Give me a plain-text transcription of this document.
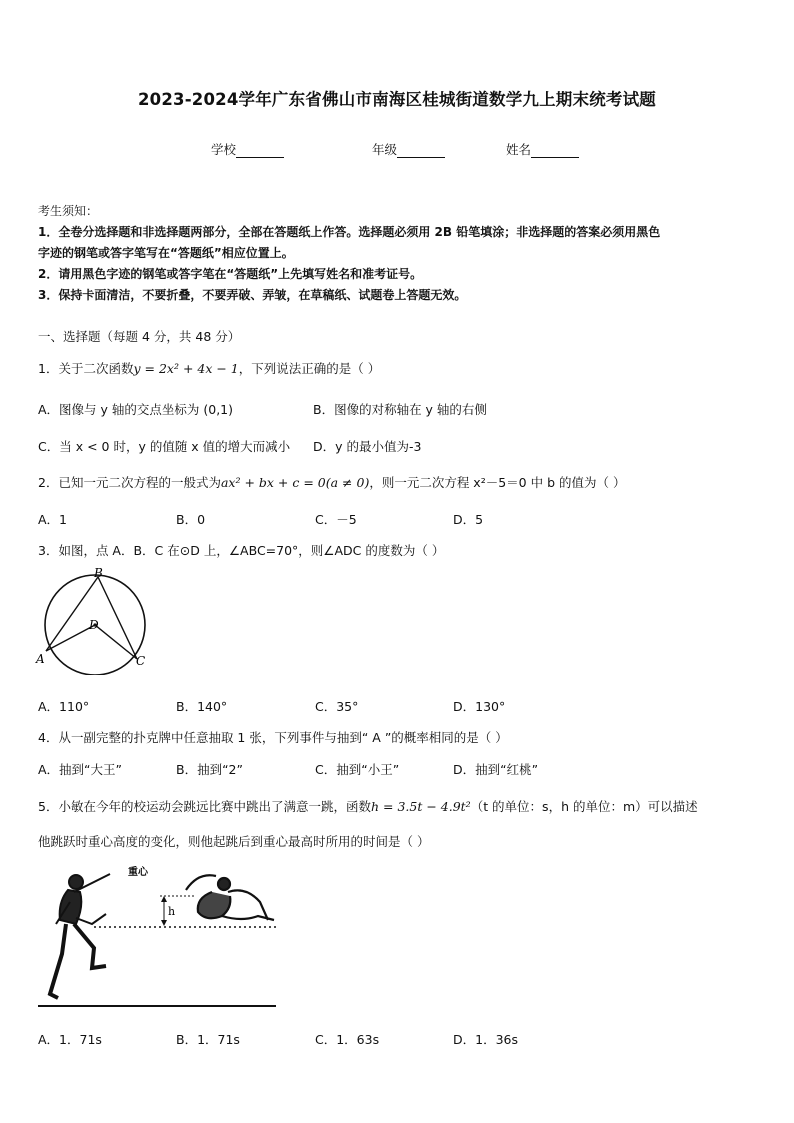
2023-2024学年广东省佛山市南海区桂城街道数学九上期末统考试题
学校	年级	姓名
考生须知：
1．全卷分选择题和非选择题两部分，全部在答题纸上作答。选择题必须用 2B 铅笔填涂；非选择题的答案必须用黑色
字迹的钢笔或答字笔写在“答题纸”相应位置上。
2．请用黑色字迹的钢笔或答字笔在“答题纸”上先填写姓名和准考证号。
3．保持卡面清洁，不要折叠，不要弄破、弄皱，在草稿纸、试题卷上答题无效。
一、选择题（每题 4 分，共 48 分）
1．关于二次函数y = 2x² + 4x − 1，下列说法正确的是（ ）
A．图像与 y 轴的交点坐标为 (0,1)	B．图像的对称轴在 y 轴的右侧
C．当 x < 0 时，y 的值随 x 值的增大而减小 D．y 的最小值为-3
2．已知一元二次方程的一般式为ax² + bx + c = 0(a ≠ 0)，则一元二次方程 x²－5＝0 中 b 的值为（ ）
A．1	B．0	C．－5	D．5
3．如图，点 A．B．C 在⊙D 上，∠ABC=70°，则∠ADC 的度数为（ ）
B
A	C
D
A．110°	B．140°	C．35°	D．130°
4．从一副完整的扑克牌中任意抽取 1 张，下列事件与抽到“ A ”的概率相同的是（ ）
A．抽到“大王”	B．抽到“2”	C．抽到“小王”	D．抽到“红桃”
5．小敏在今年的校运动会跳远比赛中跳出了满意一跳，函数h = 3.5t − 4.9t²（t 的单位：s，h 的单位：m）可以描述
他跳跃时重心高度的变化，则他起跳后到重心最高时所用的时间是（ ）
h
重心
A．1．71s	B．1．71s	C．1．63s	D．1．36s
